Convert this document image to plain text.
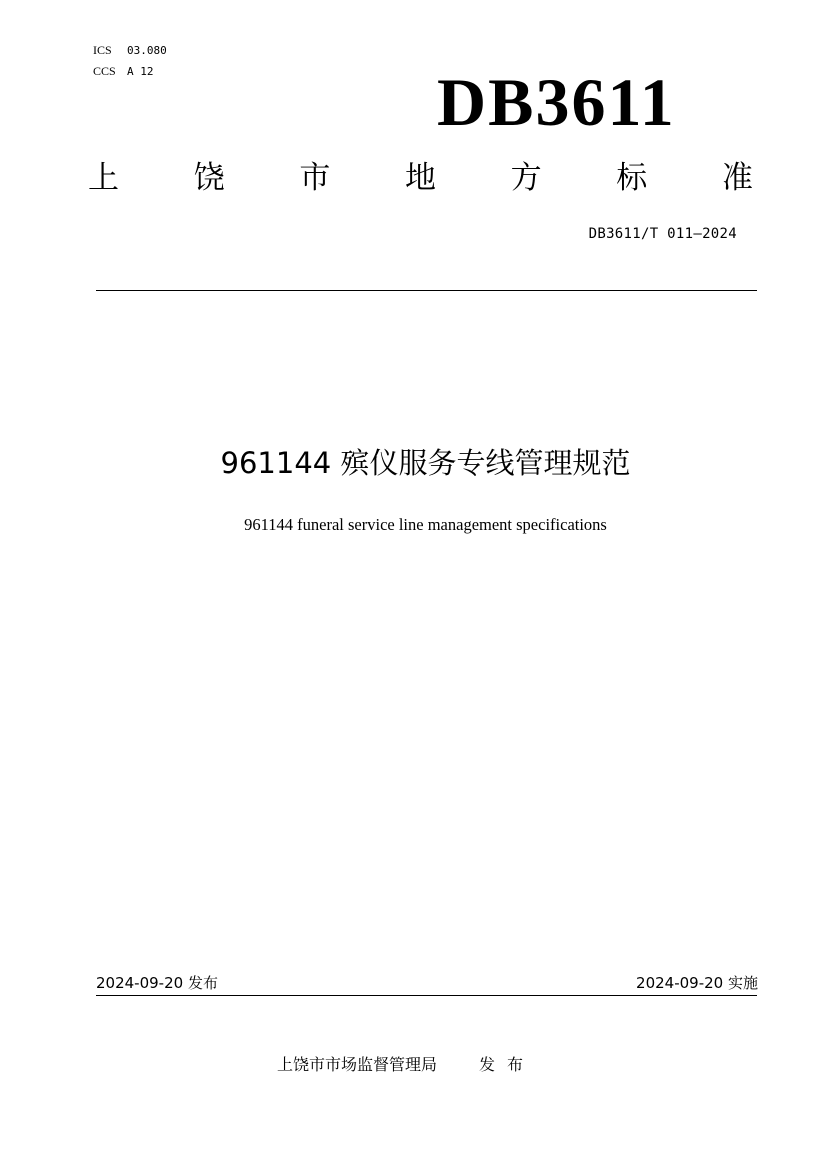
ICS 03.080
CCS A 12	DB3611
上 饶 市 地 方 标 准
DB3611/T 011—2024
961144 殡仪服务专线管理规范
961144 funeral service line management specifications
2024-09-20 发布	2024-09-20 实施
上饶市市场监督管理局	发布
